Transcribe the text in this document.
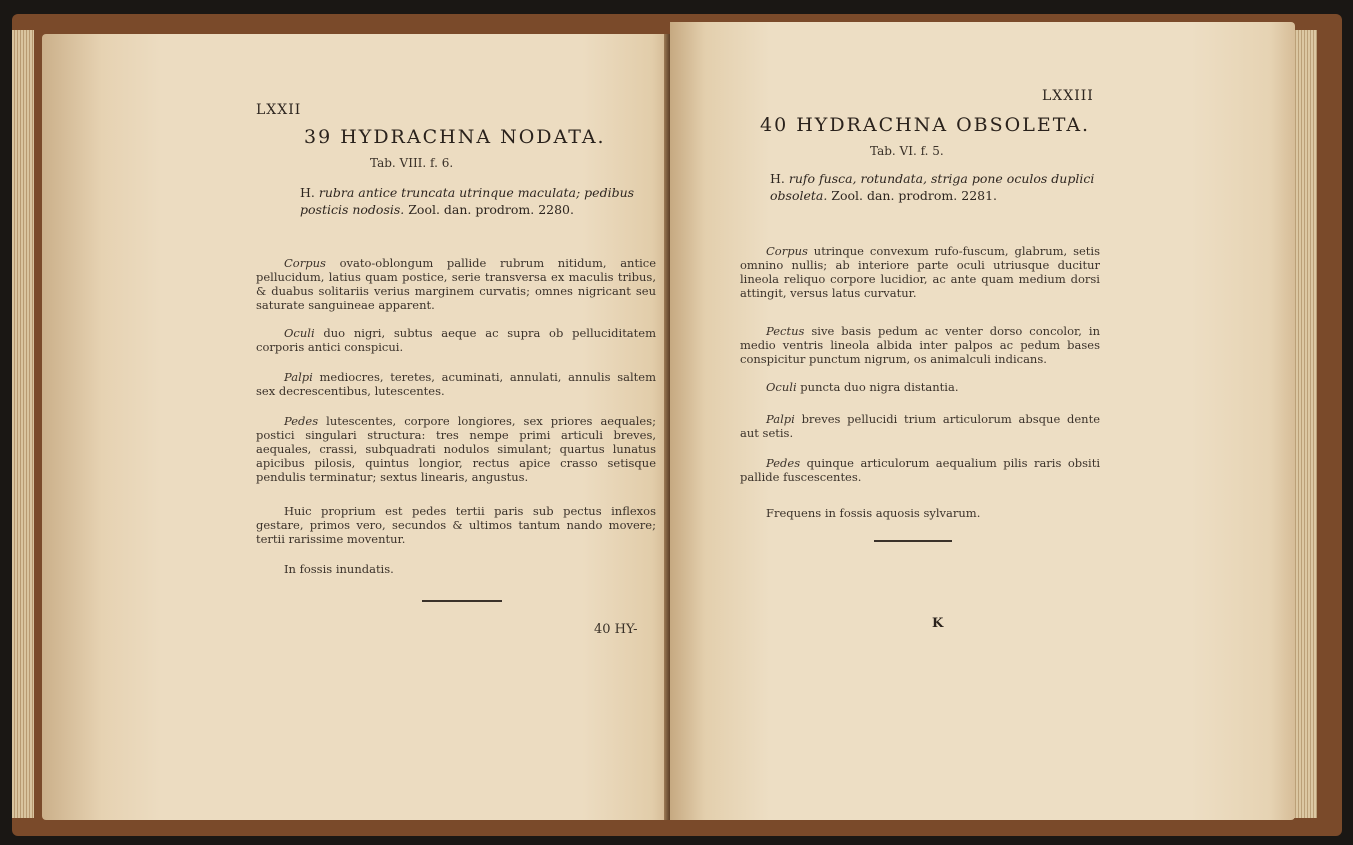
LXXII
39 HYDRACHNA NODATA.
Tab. VIII. f. 6.
H. rubra antice truncata utrinque maculata; pedibus posticis nodosis. Zool. dan. prodrom. 2280.
Corpus ovato-oblongum pallide rubrum nitidum, antice pellucidum, latius quam postice, serie transversa ex maculis tribus, & duabus solitariis verius marginem curvatis; omnes nigricant seu saturate sanguineae apparent.
Oculi duo nigri, subtus aeque ac supra ob pelluciditatem corporis antici conspicui.
Palpi mediocres, teretes, acuminati, annulati, annulis saltem sex decrescentibus, lutescentes.
Pedes lutescentes, corpore longiores, sex priores aequales; postici singulari structura: tres nempe primi articuli breves, aequales, crassi, subquadrati nodulos simulant; quartus lunatus apicibus pilosis, quintus longior, rectus apice crasso setisque pendulis terminatur; sextus linearis, angustus.
Huic proprium est pedes tertii paris sub pectus inflexos gestare, primos vero, secundos & ultimos tantum nando movere; tertii rarissime moventur.
In fossis inundatis.
40 HY-
LXXIII
40 HYDRACHNA OBSOLETA.
Tab. VI. f. 5.
H. rufo fusca, rotundata, striga pone oculos duplici obsoleta. Zool. dan. prodrom. 2281.
Corpus utrinque convexum rufo-fuscum, glabrum, setis omnino nullis; ab interiore parte oculi utriusque ducitur lineola reliquo corpore lucidior, ac ante quam medium dorsi attingit, versus latus curvatur.
Pectus sive basis pedum ac venter dorso concolor, in medio ventris lineola albida inter palpos ac pedum bases conspicitur punctum nigrum, os animalculi indicans.
Oculi puncta duo nigra distantia.
Palpi breves pellucidi trium articulorum absque dente aut setis.
Pedes quinque articulorum aequalium pilis raris obsiti pallide fuscescentes.
Frequens in fossis aquosis sylvarum.
K
